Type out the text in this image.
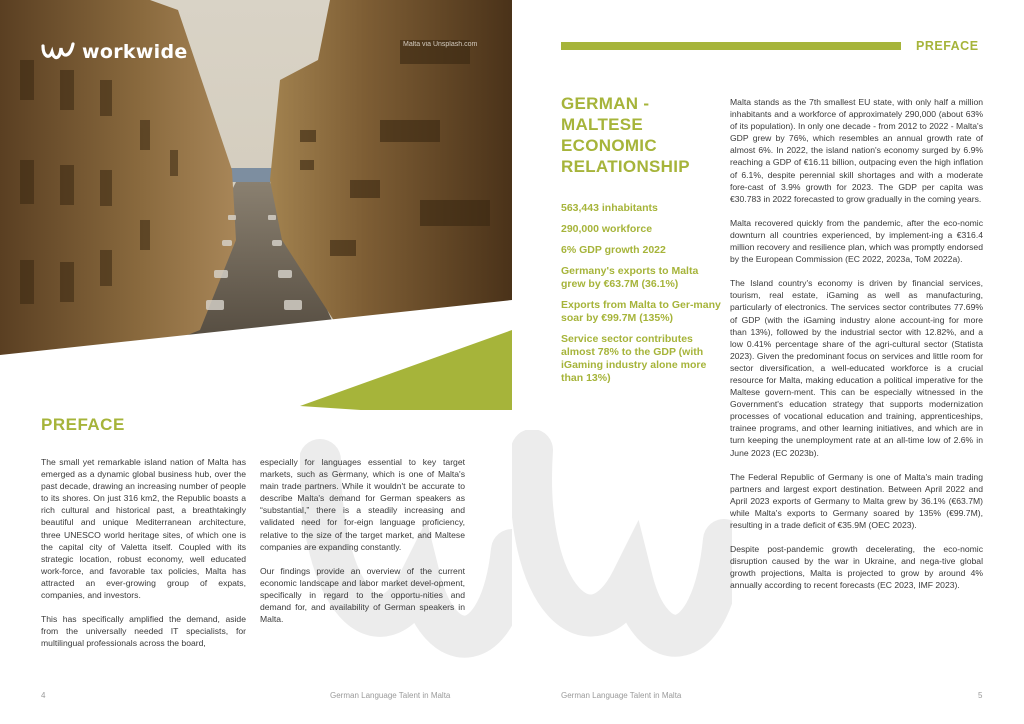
workwide	Malta via Unsplash.com
PREFACE

The small yet remarkable island nation of Malta has emerged as a dynamic global business hub, over the past decade, drawing an increasing number of people to its shores. On just 316 km2, the Republic boasts a rich cultural and historical past, a breathtakingly beautiful and unique Mediterranean architecture, three UNESCO world heritage sites, of which one is the capital city of Valetta itself. Coupled with its strategic location, robust economy, well educated work-force, and favorable tax policies, Malta has attracted an ever-growing group of expats, companies, and investors.

This has specifically amplified the demand, aside from the universally needed IT specialists, for multilingual professionals across the board,

especially for languages essential to key target markets, such as Germany, which is one of Malta's main trade partners. While it wouldn't be accurate to describe Malta's demand for German speakers as “substantial,” there is a steadily increasing and validated need for for-eign language proficiency, relative to the size of the target market, and Maltese companies are expanding constantly.

Our findings provide an overview of the current economic landscape and labor market devel-opment, specifically in regard to the opportu-nities and demand for, and availability of German speakers in Malta.

4	German Language Talent in Malta
PREFACE
GERMAN - MALTESE ECONOMIC RELATIONSHIP
563,443 inhabitants
290,000 workforce
6% GDP growth 2022
Germany's exports to Malta grew by €63.7M (36.1%)
Exports from Malta to Ger-many soar by €99.7M (135%)
Service sector contributes almost 78% to the GDP (with iGaming industry alone more than 13%)

Malta stands as the 7th smallest EU state, with only half a million inhabitants and a workforce of approximately 290,000 (about 63% of its population). In only one decade - from 2012 to 2022 - Malta's GDP grew by 76%, which resembles an annual growth rate of almost 6%. In 2022, the island nation's economy surged by 6.9% reaching a GDP of €16.11 billion, outpacing even the high inflation of 6.1%, despite perennial skill shortages and with a moderate fore-cast of 3.9% growth for 2023. The GDP per capita was €30.783 in 2022 forecasted to grow gradually in the coming years.

Malta recovered quickly from the pandemic, after the eco-nomic downturn all countries experienced, by implement-ing a €316.4 million recovery and resilience plan, which was promptly endorsed by the European Commission (EC 2022, 2023a, ToM 2022a).

The Island country's economy is driven by financial services, tourism, real estate, iGaming as well as manufacturing, particularly of electronics. The services sector contributes 77.69% of GDP (with the iGaming industry alone account-ing for more than 13%), followed by the industrial sector with 12.82%, and a low 0.41% percentage share of the agri-cultural sector (Statista 2023). Given the predominant focus on services and little room for sector diversification, a well-educated workforce is a crucial resource for Malta, making education a political imperative for the Maltese govern-ment. This can be especially witnessed in the Government's education strategy that supports modernization processes of vocational education and training, apprenticeships, trainee programs, and other learning initiatives, and which are in turn keeping the unemployment rate at an all-time low of 2.6% in June 2023 (EC 2023b).

The Federal Republic of Germany is one of Malta's main trading partners and largest export destination. Between April 2022 and April 2023 exports of Germany to Malta grew by 36.1% (€63.7M) while Malta's exports to Germany soared by 135% (€99.7M), resulting in a trade deficit of €35.9M (OEC 2023).

Despite post-pandemic growth decelerating, the eco-nomic disruption caused by the war in Ukraine, and nega-tive global growth projections, Malta is projected to grow by around 4% annually according to recent forecasts (EC 2023, IMF 2023).

German Language Talent in Malta	5
